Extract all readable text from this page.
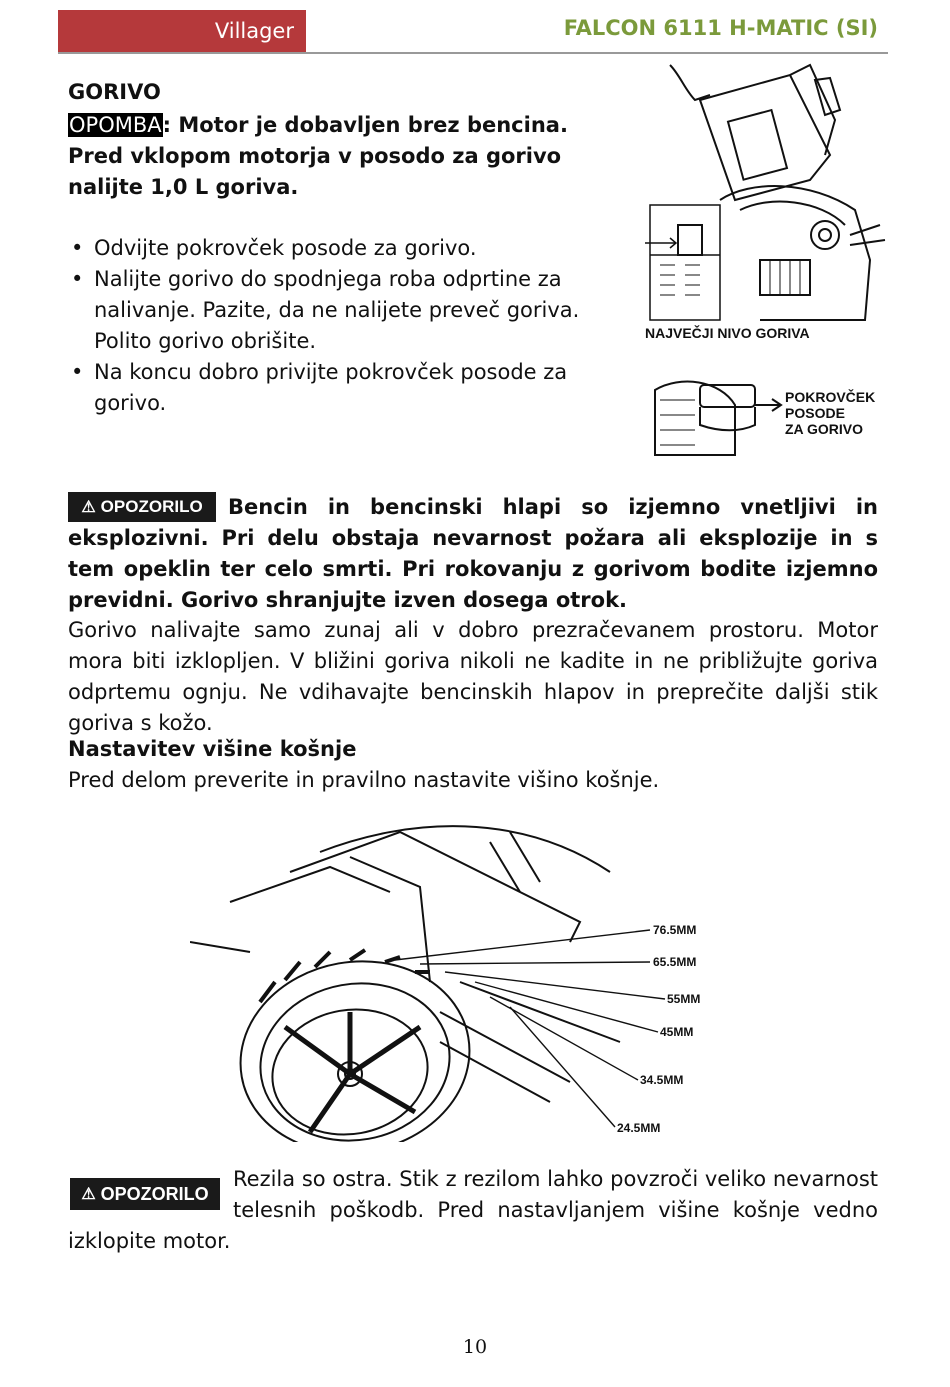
Villager	FALCON 6111 H-MATIC (SI)
GORIVO
OPOMBA: Motor je dobavljen brez bencina. Pred vklopom motorja v posodo za gorivo nalijte 1,0 L goriva.
• Odvijte pokrovček posode za gorivo.
• Nalijte gorivo do spodnjega roba odprtine za nalivanje. Pazite, da ne nalijete preveč goriva. Polito gorivo obrišite.
• Na koncu dobro privijte pokrovček posode za gorivo.
NAJVEČJI NIVO GORIVA
POKROVČEK
POSODE
ZA GORIVO
Bencin in bencinski hlapi so izjemno vnetljivi in eksplozivni. Pri delu obstaja nevarnost požara ali eksplozije in s tem opeklin ter celo smrti. Pri rokovanju z gorivom bodite izjemno previdni. Gorivo shranjujte izven dosega otrok.
⚠ OPOZORILO
Gorivo nalivajte samo zunaj ali v dobro prezračevanem prostoru. Motor mora biti izklopljen. V bližini goriva nikoli ne kadite in ne približujte goriva odprtemu ognju. Ne vdihavajte bencinskih hlapov in preprečite daljši stik goriva s kožo.
Nastavitev višine košnje
Pred delom preverite in pravilno nastavite višino košnje.
76.5MM
65.5MM
55MM
45MM
34.5MM
24.5MM
Rezila so ostra. Stik z rezilom lahko povzroči veliko nevarnost telesnih poškodb. Pred nastavljanjem višine košnje vedno izklopite motor.
⚠ OPOZORILO
10
